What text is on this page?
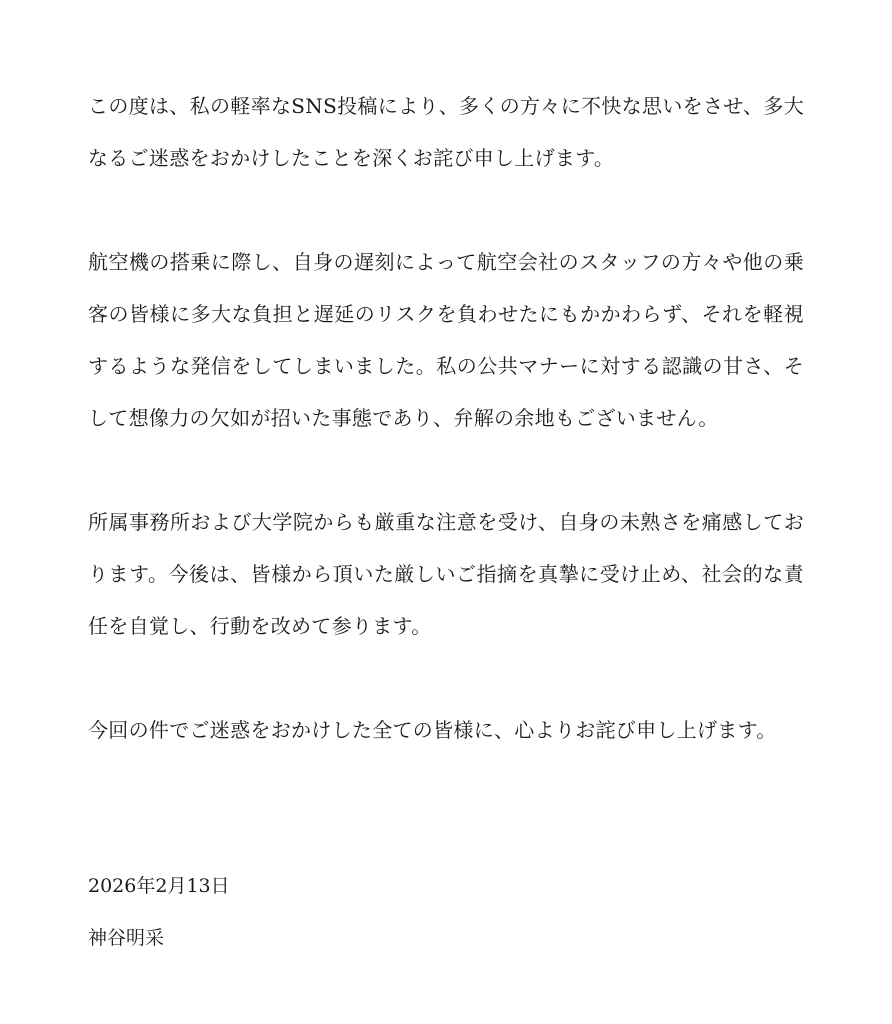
この度は、私の軽率なSNS投稿により、多くの方々に不快な思いをさせ、多大なるご迷惑をおかけしたことを深くお詫び申し上げます。

航空機の搭乗に際し、自身の遅刻によって航空会社のスタッフの方々や他の乗客の皆様に多大な負担と遅延のリスクを負わせたにもかかわらず、それを軽視するような発信をしてしまいました。私の公共マナーに対する認識の甘さ、そして想像力の欠如が招いた事態であり、弁解の余地もございません。

所属事務所および大学院からも厳重な注意を受け、自身の未熟さを痛感しております。今後は、皆様から頂いた厳しいご指摘を真摯に受け止め、社会的な責任を自覚し、行動を改めて参ります。

今回の件でご迷惑をおかけした全ての皆様に、心よりお詫び申し上げます。

2026年2月13日

神谷明采
